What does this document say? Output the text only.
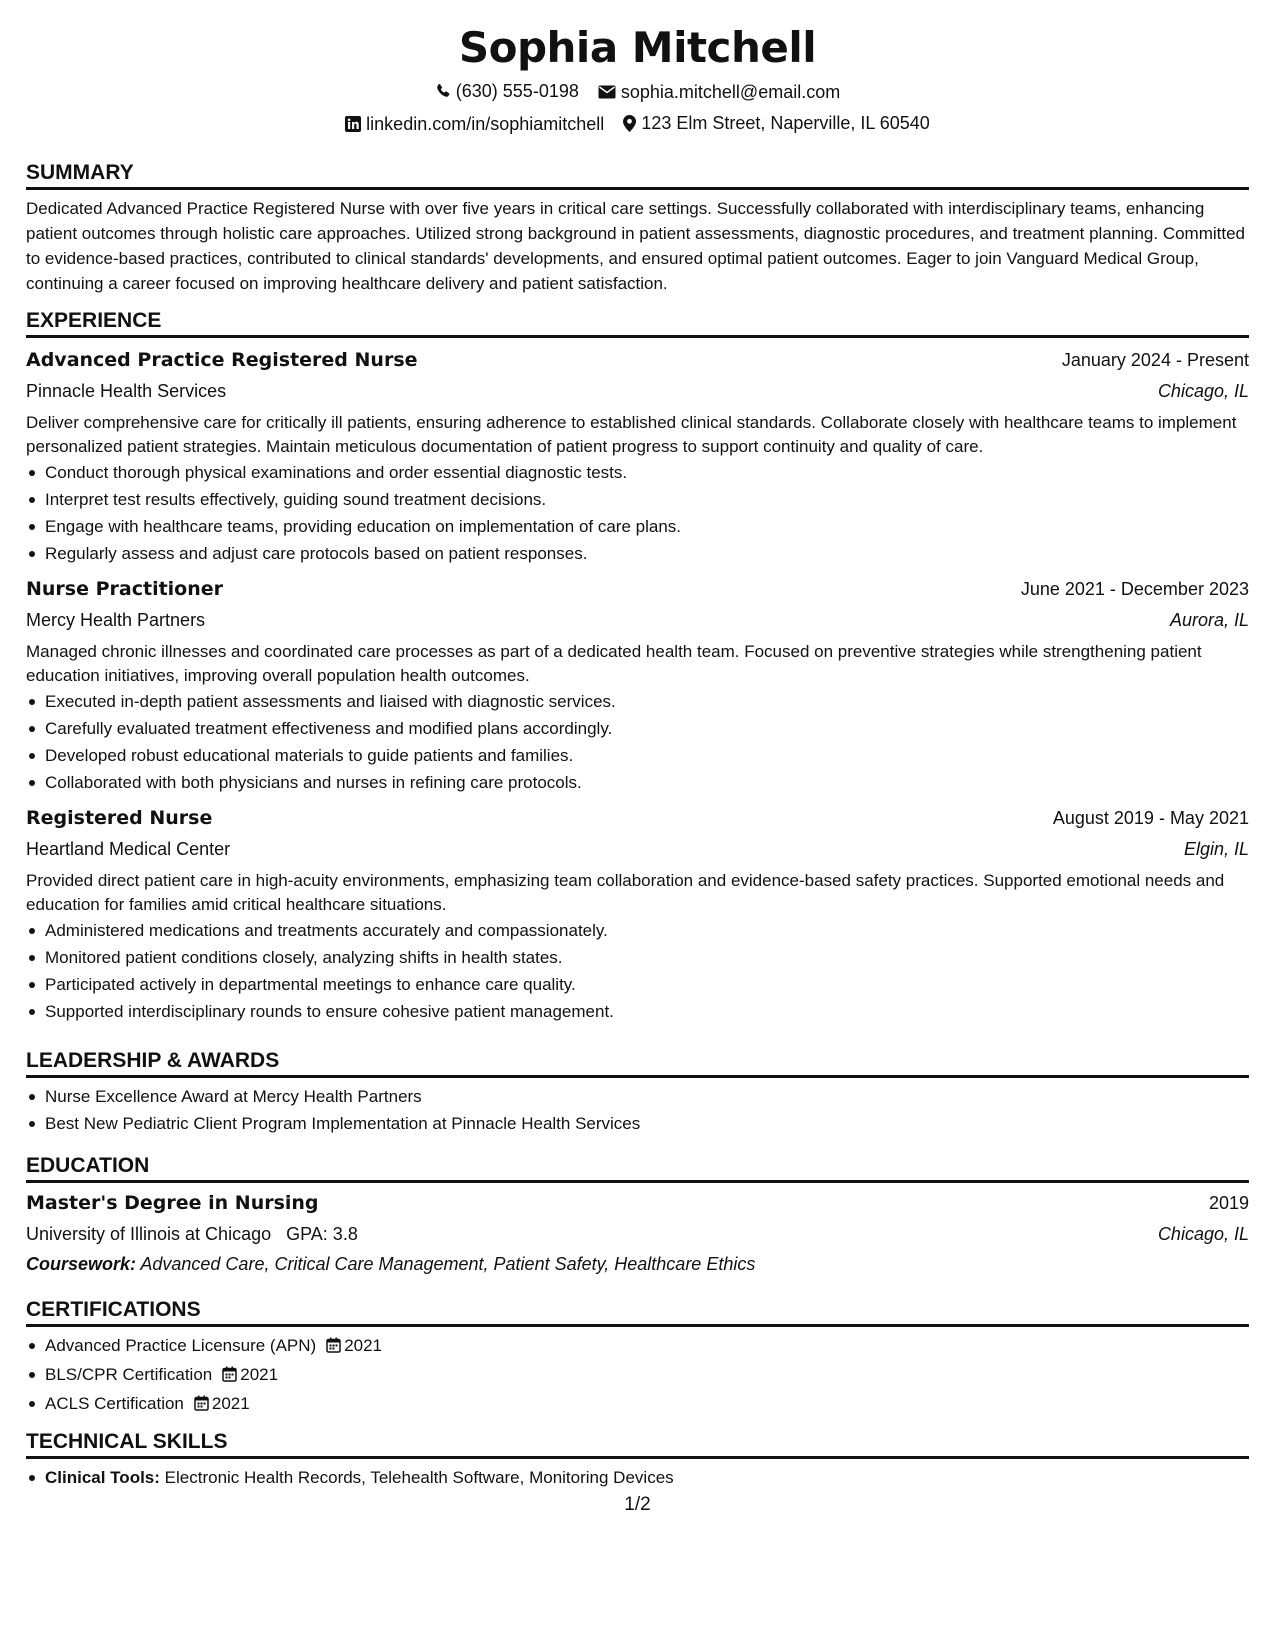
Sophia Mitchell
(630) 555-0198
sophia.mitchell@email.com
linkedin.com/in/sophiamitchell
123 Elm Street, Naperville, IL 60540
SUMMARY

Dedicated Advanced Practice Registered Nurse with over five years in critical care settings. Successfully collaborated with interdisciplinary teams, enhancing patient outcomes through holistic care approaches. Utilized strong background in patient assessments, diagnostic procedures, and treatment planning. Committed to evidence-based practices, contributed to clinical standards' developments, and ensured optimal patient outcomes. Eager to join Vanguard Medical Group, continuing a career focused on improving healthcare delivery and patient satisfaction.

EXPERIENCE
Advanced Practice Registered Nurse	January 2024 - Present
Pinnacle Health Services	Chicago, IL
Deliver comprehensive care for critically ill patients, ensuring adherence to established clinical standards. Collaborate closely with healthcare teams to implement personalized patient strategies. Maintain meticulous documentation of patient progress to support continuity and quality of care.
Conduct thorough physical examinations and order essential diagnostic tests.
Interpret test results effectively, guiding sound treatment decisions.
Engage with healthcare teams, providing education on implementation of care plans.
Regularly assess and adjust care protocols based on patient responses.
Nurse Practitioner	June 2021 - December 2023
Mercy Health Partners	Aurora, IL
Managed chronic illnesses and coordinated care processes as part of a dedicated health team. Focused on preventive strategies while strengthening patient education initiatives, improving overall population health outcomes.
Executed in-depth patient assessments and liaised with diagnostic services.
Carefully evaluated treatment effectiveness and modified plans accordingly.
Developed robust educational materials to guide patients and families.
Collaborated with both physicians and nurses in refining care protocols.
Registered Nurse	August 2019 - May 2021
Heartland Medical Center	Elgin, IL
Provided direct patient care in high-acuity environments, emphasizing team collaboration and evidence-based safety practices. Supported emotional needs and education for families amid critical healthcare situations.
Administered medications and treatments accurately and compassionately.
Monitored patient conditions closely, analyzing shifts in health states.
Participated actively in departmental meetings to enhance care quality.
Supported interdisciplinary rounds to ensure cohesive patient management.
LEADERSHIP & AWARDS
Nurse Excellence Award at Mercy Health Partners
Best New Pediatric Client Program Implementation at Pinnacle Health Services
EDUCATION
Master's Degree in Nursing	2019
University of Illinois at Chicago GPA: 3.8	Chicago, IL
Coursework: Advanced Care, Critical Care Management, Patient Safety, Healthcare Ethics
CERTIFICATIONS
Advanced Practice Licensure (APN) 2021
BLS/CPR Certification 2021
ACLS Certification 2021
TECHNICAL SKILLS
Clinical Tools: Electronic Health Records, Telehealth Software, Monitoring Devices
1/2
